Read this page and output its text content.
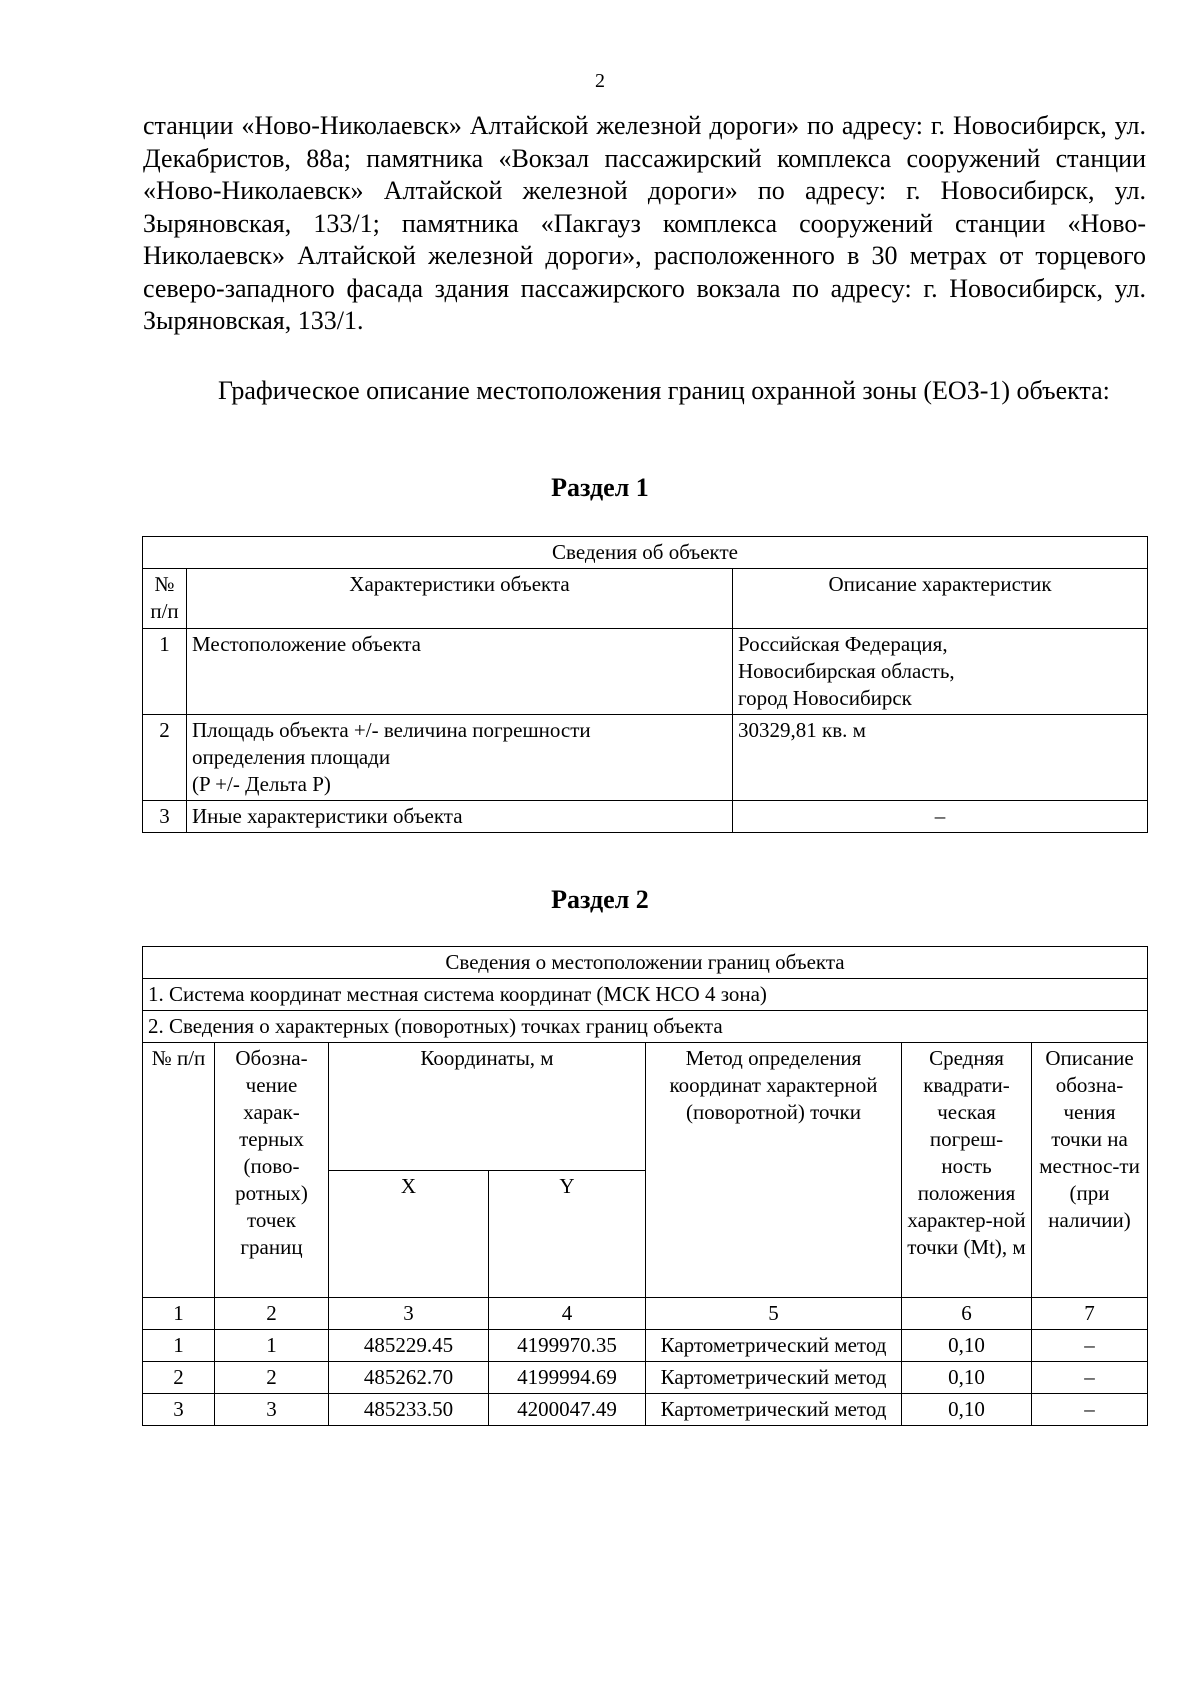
2

станции «Ново-Николаевск» Алтайской железной дороги» по адресу: г. Новосибирск, ул. Декабристов, 88а; памятника «Вокзал пассажирский комплекса сооружений станции «Ново-Николаевск» Алтайской железной дороги» по адресу: г. Новосибирск, ул. Зыряновская, 133/1; памятника «Пакгауз комплекса сооружений станции «Ново-Николаевск» Алтайской железной дороги», расположенного в 30 метрах от торцевого северо-западного фасада здания пассажирского вокзала по адресу: г. Новосибирск, ул. Зыряновская, 133/1.

Графическое описание местоположения границ охранной зоны (ЕОЗ-1) объекта:

Раздел 1
Сведения об объекте		
№ п/п	Характеристики объекта	Описание характеристик
1	Местоположение объекта	Российская Федерация,
Новосибирская область,
город Новосибирск

2	Площадь объекта +/- величина погрешности
определения площади
(P +/- Дельта P)	30329,81 кв. м
3	Иные характеристики объекта	–
Раздел 2
Сведения о местоположении границ объекта						
1. Система координат местная система координат (МСК НСО 4 зона)						
2. Сведения о характерных (поворотных) точках границ объекта						
№ п/п	Обозна-чение харак-терных (пово-ротных) точек границ	Координаты, м		Метод определения координат характерной (поворотной) точки	Средняя квадрати-ческая погреш-ность положения характер-ной точки (Mt), м	Описание обозна-чения точки на местнос-ти (при наличии)
		X	Y			
1	2	3	4	5	6	7
1	1	485229.45	4199970.35	Картометрический метод	0,10	–
2	2	485262.70	4199994.69	Картометрический метод	0,10	–
3	3	485233.50	4200047.49	Картометрический метод	0,10	–
